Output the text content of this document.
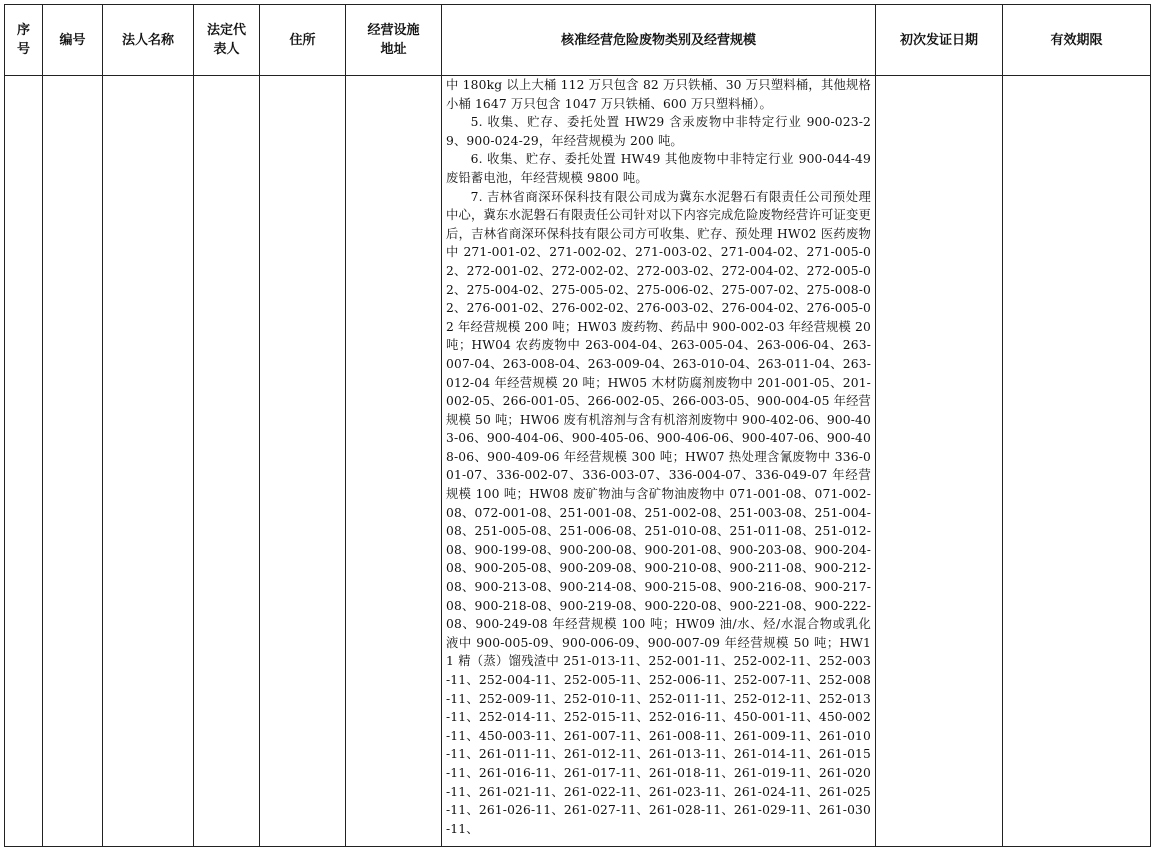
序号	编号	法人名称	法定代表人	住所	经营设施地址	核准经营危险废物类别及经营规模	初次发证日期	有效期限

						中 180kg 以上大桶 112 万只包含 82 万只铁桶、30 万只塑料桶，其他规格小桶 1647 万只包含 1047 万只铁桶、600 万只塑料桶）。

5. 收集、贮存、委托处置 HW29 含汞废物中非特定行业 900-023-29、900-024-29，年经营规模为 200 吨。

6. 收集、贮存、委托处置 HW49 其他废物中非特定行业 900-044-49 废铅蓄电池，年经营规模 9800 吨。

7. 吉林省商深环保科技有限公司成为冀东水泥磐石有限责任公司预处理中心，冀东水泥磐石有限责任公司针对以下内容完成危险废物经营许可证变更后，吉林省商深环保科技有限公司方可收集、贮存、预处理 HW02 医药废物中 271-001-02、271-002-02、271-003-02、271-004-02、271-005-02、272-001-02、272-002-02、272-003-02、272-004-02、272-005-02、275-004-02、275-005-02、275-006-02、275-007-02、275-008-02、276-001-02、276-002-02、276-003-02、276-004-02、276-005-02 年经营规模 200 吨；HW03 废药物、药品中 900-002-03 年经营规模 20 吨；HW04 农药废物中 263-004-04、263-005-04、263-006-04、263-007-04、263-008-04、263-009-04、263-010-04、263-011-04、263-012-04 年经营规模 20 吨；HW05 木材防腐剂废物中 201-001-05、201-002-05、266-001-05、266-002-05、266-003-05、900-004-05 年经营规模 50 吨；HW06 废有机溶剂与含有机溶剂废物中 900-402-06、900-403-06、900-404-06、900-405-06、900-406-06、900-407-06、900-408-06、900-409-06 年经营规模 300 吨；HW07 热处理含氰废物中 336-001-07、336-002-07、336-003-07、336-004-07、336-049-07 年经营规模 100 吨；HW08 废矿物油与含矿物油废物中 071-001-08、071-002-08、072-001-08、251-001-08、251-002-08、251-003-08、251-004-08、251-005-08、251-006-08、251-010-08、251-011-08、251-012-08、900-199-08、900-200-08、900-201-08、900-203-08、900-204-08、900-205-08、900-209-08、900-210-08、900-211-08、900-212-08、900-213-08、900-214-08、900-215-08、900-216-08、900-217-08、900-218-08、900-219-08、900-220-08、900-221-08、900-222-08、900-249-08 年经营规模 100 吨；HW09 油/水、烃/水混合物或乳化液中 900-005-09、900-006-09、900-007-09 年经营规模 50 吨；HW11 精（蒸）馏残渣中 251-013-11、252-001-11、252-002-11、252-003-11、252-004-11、252-005-11、252-006-11、252-007-11、252-008-11、252-009-11、252-010-11、252-011-11、252-012-11、252-013-11、252-014-11、252-015-11、252-016-11、450-001-11、450-002-11、450-003-11、261-007-11、261-008-11、261-009-11、261-010-11、261-011-11、261-012-11、261-013-11、261-014-11、261-015-11、261-016-11、261-017-11、261-018-11、261-019-11、261-020-11、261-021-11、261-022-11、261-023-11、261-024-11、261-025-11、261-026-11、261-027-11、261-028-11、261-029-11、261-030-11、		
